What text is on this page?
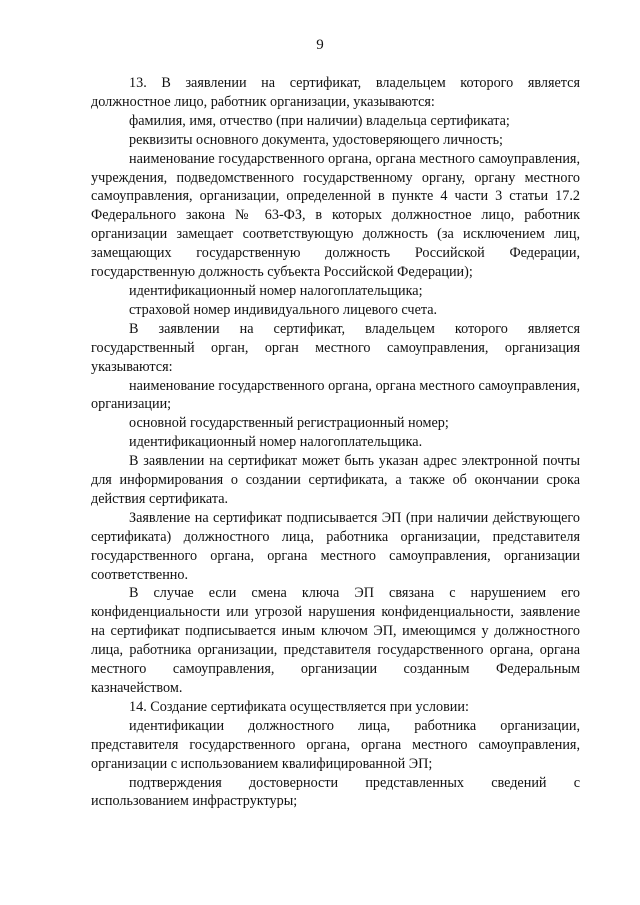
9

13. В заявлении на сертификат, владельцем которого является должностное лицо, работник организации, указываются:

фамилия, имя, отчество (при наличии) владельца сертификата;

реквизиты основного документа, удостоверяющего личность;

наименование государственного органа, органа местного самоуправления, учреждения, подведомственного государственному органу, органу местного самоуправления, организации, определенной в пункте 4 части 3 статьи 17.2 Федерального закона № 63-ФЗ, в которых должностное лицо, работник организации замещает соответствующую должность (за исключением лиц, замещающих государственную должность Российской Федерации, государственную должность субъекта Российской Федерации);

идентификационный номер налогоплательщика;

страховой номер индивидуального лицевого счета.

В заявлении на сертификат, владельцем которого является государственный орган, орган местного самоуправления, организация указываются:

наименование государственного органа, органа местного самоуправления, организации;

основной государственный регистрационный номер;

идентификационный номер налогоплательщика.

В заявлении на сертификат может быть указан адрес электронной почты для информирования о создании сертификата, а также об окончании срока действия сертификата.

Заявление на сертификат подписывается ЭП (при наличии действующего сертификата) должностного лица, работника организации, представителя государственного органа, органа местного самоуправления, организации соответственно.

В случае если смена ключа ЭП связана с нарушением его конфиденциальности или угрозой нарушения конфиденциальности, заявление на сертификат подписывается иным ключом ЭП, имеющимся у должностного лица, работника организации, представителя государственного органа, органа местного самоуправления, организации созданным Федеральным казначейством.

14. Создание сертификата осуществляется при условии:

идентификации должностного лица, работника организации, представителя государственного органа, органа местного самоуправления, организации с использованием квалифицированной ЭП;

подтверждения достоверности представленных сведений с использованием инфраструктуры;
